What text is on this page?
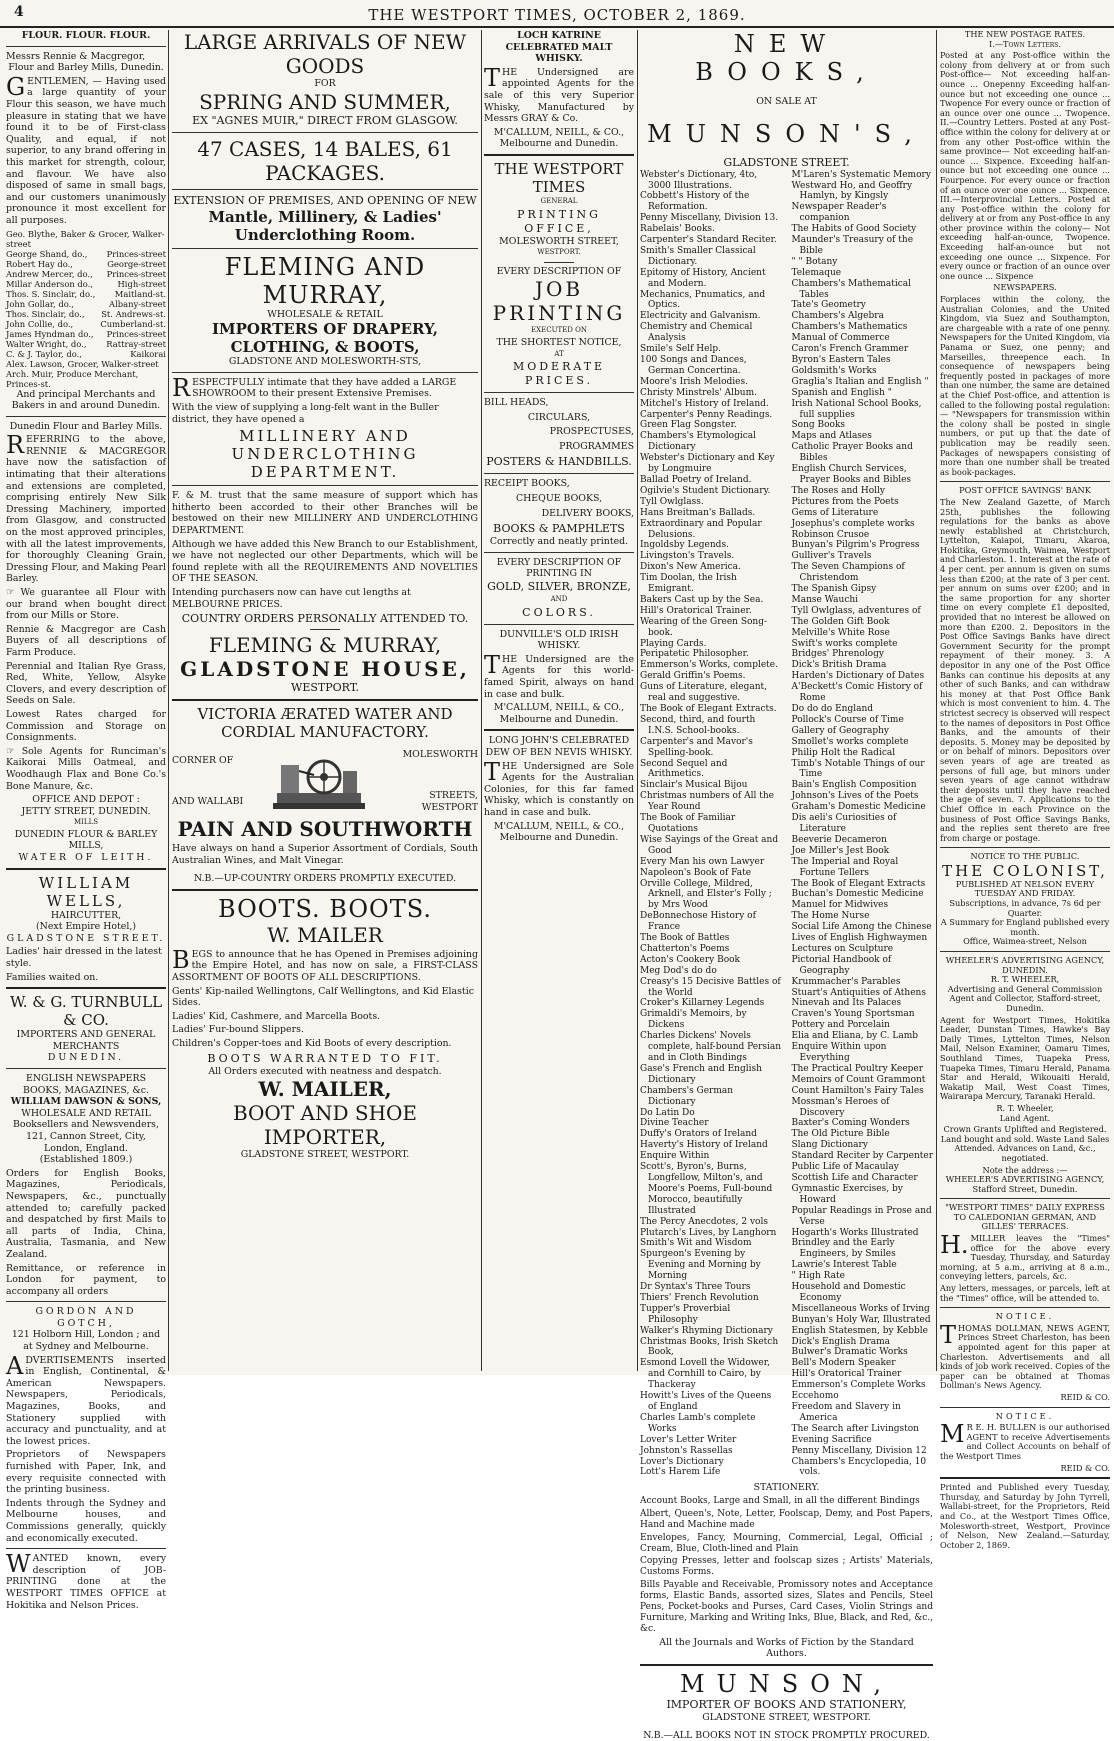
4	THE WESTPORT TIMES, OCTOBER 2, 1869.
FLOUR. FLOUR. FLOUR.
Messrs Rennie & Macgregor,
Flour and Barley Mills, Dunedin.

GENTLEMEN, — Having used a large quantity of your Flour this season, we have much pleasure in stating that we have found it to be of First-class Quality, and equal, if not superior, to any brand offering in this market for strength, colour, and flavour. We have also disposed of same in small bags, and our customers unanimously pronounce it most excellent for all purposes.

Geo. Blythe, Baker & Grocer, Walker-street
George Shand, do., Princes-street
Robert Hay do.,	George-street
Andrew Mercer, do., Princes-street
Millar Anderson do.,	High-street
Thos. S. Sinclair, do., Maitland-st.
John Gollar, do.,	Albany-street
Thos. Sinclair, do., St. Andrews-st.
John Collie, do.,	Cumberland-st.
James Hyndman do., Princes-street
Walter Wright, do., Rattray-street
C. & J. Taylor, do.,	Kaikorai
Alex. Lawson, Grocer, Walker-street
Arch. Muir, Produce Merchant, Princes-st.
And principal Merchants and Bakers in and around Dunedin.
Dunedin Flour and Barley Mills.

REFERRING to the above, RENNIE & MACGREGOR have now the satisfaction of intimating that their alterations and extensions are completed, comprising entirely New Silk Dressing Machinery, imported from Glasgow, and constructed on the most approved principles, with all the latest improvements, for thoroughly Cleaning Grain, Dressing Flour, and Making Pearl Barley.

☞ We guarantee all Flour with our brand when bought direct from our Mills or Store.

Rennie & Macgregor are Cash Buyers of all descriptions of Farm Produce.

Perennial and Italian Rye Grass, Red, White, Yellow, Alsyke Clovers, and every description of Seeds on Sale.

Lowest Rates charged for Commission and Storage on Consignments.

☞ Sole Agents for Runciman's Kaikorai Mills Oatmeal, and Woodhaugh Flax and Bone Co.'s Bone Manure, &c.

OFFICE AND DEPOT :
JETTY STREET, DUNEDIN.
MILLS
DUNEDIN FLOUR & BARLEY MILLS,
WATER OF LEITH.
WILLIAM WELLS,
HAIRCUTTER,
(Next Empire Hotel,)
GLADSTONE STREET.

Ladies' hair dressed in the latest style.

Families waited on.

W. & G. TURNBULL & CO.
IMPORTERS AND GENERAL MERCHANTS
DUNEDIN.
ENGLISH NEWSPAPERS BOOKS, MAGAZINES, &c.
WILLIAM DAWSON & SONS,
WHOLESALE AND RETAIL Booksellers and Newsvenders, 121, Cannon Street, City, London, England.
(Established 1809.)

Orders for English Books, Magazines, Periodicals, Newspapers, &c., punctually attended to; carefully packed and despatched by first Mails to all parts of India, China, Australia, Tasmania, and New Zealand.

Remittance, or reference in London for payment, to accompany all orders

GORDON AND GOTCH,
121 Holborn Hill, London ; and at Sydney and Melbourne.

ADVERTISEMENTS inserted in English, Continental, & American Newspapers. Newspapers, Periodicals, Magazines, Books, and Stationery supplied with accuracy and punctuality, and at the lowest prices.

Proprietors of Newspapers furnished with Paper, Ink, and every requisite connected with the printing business.

Indents through the Sydney and Melbourne houses, and Commissions generally, quickly and economically executed.

WANTED known, every description of JOB-PRINTING done at the WESTPORT TIMES OFFICE at Hokitika and Nelson Prices.

LARGE ARRIVALS OF NEW GOODS
FOR
SPRING AND SUMMER,
EX "AGNES MUIR," DIRECT FROM GLASGOW.
47 CASES, 14 BALES, 61 PACKAGES.
EXTENSION OF PREMISES, AND OPENING OF NEW
Mantle, Millinery, & Ladies' Underclothing Room.
FLEMING AND MURRAY,
WHOLESALE & RETAIL
IMPORTERS OF DRAPERY, CLOTHING, & BOOTS,
GLADSTONE AND MOLESWORTH-STS,

RESPECTFULLY intimate that they have added a LARGE SHOWROOM to their present Extensive Premises.

With the view of supplying a long-felt want in the Buller district, they have opened a

MILLINERY AND UNDERCLOTHING DEPARTMENT.

F. & M. trust that the same measure of support which has hitherto been accorded to their other Branches will be bestowed on their new MILLINERY AND UNDERCLOTHING DEPARTMENT.

Although we have added this New Branch to our Establishment, we have not neglected our other Departments, which will be found replete with all the REQUIREMENTS AND NOVELTIES OF THE SEASON.

Intending purchasers now can have cut lengths at MELBOURNE PRICES.

COUNTRY ORDERS PERSONALLY ATTENDED TO.
FLEMING & MURRAY,
GLADSTONE HOUSE,
WESTPORT.
VICTORIA ÆRATED WATER AND CORDIAL MANUFACTORY.
CORNER OF
AND WALLABI
MOLESWORTH
STREETS, WESTPORT
PAIN AND SOUTHWORTH

Have always on hand a Superior Assortment of Cordials, South Australian Wines, and Malt Vinegar.

N.B.—UP-COUNTRY ORDERS PROMPTLY EXECUTED.
BOOTS. BOOTS.
W. MAILER

BEGS to announce that he has Opened in Premises adjoining the Empire Hotel, and has now on sale, a FIRST-CLASS ASSORTMENT OF BOOTS OF ALL DESCRIPTIONS.

Gents' Kip-nailed Wellingtons, Calf Wellingtons, and Kid Elastic Sides.

Ladies' Kid, Cashmere, and Marcella Boots.

Ladies' Fur-bound Slippers.

Children's Copper-toes and Kid Boots of every description.

BOOTS WARRANTED TO FIT.
All Orders executed with neatness and despatch.
W. MAILER,
BOOT AND SHOE IMPORTER,
GLADSTONE STREET, WESTPORT.
LOCH KATRINE CELEBRATED MALT WHISKY.

THE Undersigned are appointed Agents for the sale of this very Superior Whisky, Manufactured by Messrs GRAY & Co.

M'CALLUM, NEILL, & CO.,
Melbourne and Dunedin.
THE WESTPORT TIMES
GENERAL
PRINTING OFFICE,
MOLESWORTH STREET,
WESTPORT.
EVERY DESCRIPTION OF
JOB PRINTING
EXECUTED ON
THE SHORTEST NOTICE,
AT
MODERATE PRICES.
BILL HEADS,
CIRCULARS,
PROSPECTUSES,
PROGRAMMES
POSTERS & HANDBILLS.
RECEIPT BOOKS,
CHEQUE BOOKS,
DELIVERY BOOKS,
BOOKS & PAMPHLETS
Correctly and neatly printed.
EVERY DESCRIPTION OF
PRINTING IN
GOLD, SILVER, BRONZE,
AND
COLORS.
DUNVILLE'S OLD IRISH WHISKY.

THE Undersigned are the Agents for this world-famed Spirit, always on hand in case and bulk.

M'CALLUM, NEILL, & CO.,
Melbourne and Dunedin.
LONG JOHN'S CELEBRATED DEW OF BEN NEVIS WHISKY.

THE Undersigned are Sole Agents for the Australian Colonies, for this far famed Whisky, which is constantly on hand in case and bulk.

M'CALLUM, NEILL, & CO.,
Melbourne and Dunedin.
NEW BOOKS,
ON SALE AT
MUNSON'S,
GLADSTONE STREET.
Webster's Dictionary, 4to, 3000 Illustrations.
Cobbett's History of the Reformation.
Penny Miscellany, Division 13.
Rabelais' Books.
Carpenter's Standard Reciter.
Smith's Smaller Classical Dictionary.
Epitomy of History, Ancient and Modern.
Mechanics, Pnumatics, and Optics.
Electricity and Galvanism.
Chemistry and Chemical Analysis
Smile's Self Help.
100 Songs and Dances, German Concertina.
Moore's Irish Melodies.
Christy Minstrels' Album.
Mitchel's History of Ireland.
Carpenter's Penny Readings.
Green Flag Songster.
Chambers's Etymological Dictionary
Webster's Dictionary and Key by Longmuire
Ballad Poetry of Ireland.
Ogilvie's Student Dictionary.
Tyll Owlglass.
Hans Breitman's Ballads.
Extraordinary and Popular Delusions.
Ingoldsby Legends.
Livingston's Travels.
Dixon's New America.
Tim Doolan, the Irish Emigrant.
Bakers Cast up by the Sea.
Hill's Oratorical Trainer.
Wearing of the Green Song-book.
Playing Cards.
Peripatetic Philosopher.
Emmerson's Works, complete.
Gerald Griffin's Poems.
Guns of Literature, elegant, real and suggestive.
The Book of Elegant Extracts.
Second, third, and fourth I.N.S. School-books.
Carpenter's and Mavor's Spelling-book.
Second Sequel and Arithmetics.
Sinclair's Musical Bijou
Christmas numbers of All the Year Round
The Book of Familiar Quotations
Wise Sayings of the Great and Good
Every Man his own Lawyer
Napoleon's Book of Fate
Orville College, Mildred, Arknell, and Elster's Folly ; by Mrs Wood
DeBonnechose History of France
The Book of Battles
Chatterton's Poems
Acton's Cookery Book
Meg Dod's do do
Creasy's 15 Decisive Battles of the World
Croker's Killarney Legends
Grimaldi's Memoirs, by Dickens
Charles Dickens' Novels complete, half-bound Persian and in Cloth Bindings
Gase's French and English Dictionary
Chambers's German Dictionary
Do Latin Do
Divine Teacher
Duffy's Orators of Ireland
Haverty's History of Ireland
Enquire Within
Scott's, Byron's, Burns, Longfellow, Milton's, and Moore's Poems, Full-bound Morocco, beautifully Illustrated
The Percy Anecdotes, 2 vols
Plutarch's Lives, by Langhorn
Smith's Wit and Wisdom
Spurgeon's Evening by Evening and Morning by Morning
Dr Syntax's Three Tours
Thiers' French Revolution
Tupper's Proverbial Philosophy
Walker's Rhyming Dictionary
Christmas Books, Irish Sketch Book,
Esmond Lovell the Widower, and Cornhill to Cairo, by Thackeray
Howitt's Lives of the Queens of England
Charles Lamb's complete Works
Lover's Letter Writer
Johnston's Rassellas
Lover's Dictionary
Lott's Harem Life
M'Laren's Systematic Memory
Westward Ho, and Geoffry Hamlyn, by Kingsly
Newspaper Reader's companion
The Habits of Good Society
Maunder's Treasury of the Bible
" " Botany
Telemaque
Chambers's Mathematical Tables
Tate's Geometry
Chambers's Algebra
Chambers's Mathematics
Manual of Commerce
Caron's French Grammer
Byron's Eastern Tales
Goldsmith's Works
Graglia's Italian and English "
Spanish and English "
Irish National School Books, full supplies
Song Books
Maps and Atlases
Catholic Prayer Books and Bibles
English Church Services, Prayer Books and Bibles
The Roses and Holly
Pictures from the Poets
Gems of Literature
Josephus's complete works
Robinson Crusoe
Bunyan's Pilgrim's Progress
Gulliver's Travels
The Seven Champions of Christendom
The Spanish Gipsy
Manse Wauchi
Tyll Owlglass, adventures of
The Golden Gift Book
Melville's White Rose
Swift's works complete
Bridges' Phrenology
Dick's British Drama
Harden's Dictionary of Dates
A'Beckett's Comic History of Rome
Do do do England
Pollock's Course of Time
Gallery of Geography
Smollet's works complete
Philip Holt the Radical
Timb's Notable Things of our Time
Bain's English Composition
Johnson's Lives of the Poets
Graham's Domestic Medicine
Dis aeli's Curiosities of Literature
Beeverie Decameron
Joe Miller's Jest Book
The Imperial and Royal Fortune Tellers
The Book of Elegant Extracts
Buchan's Domestic Medicine
Manuel for Midwives
The Home Nurse
Social Life Among the Chinese
Lives of English Highwaymen
Lectures on Sculpture
Pictorial Handbook of Geography
Krummacher's Parables
Stuart's Antiquities of Athens
Ninevah and Its Palaces
Craven's Young Sportsman
Pottery and Porcelain
Elia and Eliana, by C. Lamb
Enquire Within upon Everything
The Practical Poultry Keeper
Memoirs of Count Grammont
Count Hamilton's Fairy Tales
Mossman's Heroes of Discovery
Baxter's Coming Wonders
The Old Picture Bible
Slang Dictionary
Standard Reciter by Carpenter
Public Life of Macaulay
Scottish Life and Character
Gymnastic Exercises, by Howard
Popular Readings in Prose and Verse
Hogarth's Works Illustrated
Brindley and the Early Engineers, by Smiles
Lawrie's Interest Table
" High Rate
Household and Domestic Economy
Miscellaneous Works of Irving
Bunyan's Holy War, Illustrated
English Statesmen, by Kebble
Dick's English Drama
Bulwer's Dramatic Works
Bell's Modern Speaker
Hill's Oratorical Trainer
Emmerson's Complete Works
Eccehomo
Freedom and Slavery in America
The Search after Livingston
Evening Sacrifice
Penny Miscellany, Division 12
Chambers's Encyclopedia, 10 vols.
STATIONERY.

Account Books, Large and Small, in all the different Bindings

Albert, Queen's, Note, Letter, Foolscap, Demy, and Post Papers, Hand and Machine made

Envelopes, Fancy, Mourning, Commercial, Legal, Official ; Cream, Blue, Cloth-lined and Plain

Copying Presses, letter and foolscap sizes ; Artists' Materials, Customs Forms.

Bills Payable and Receivable, Promissory notes and Acceptance forms, Elastic Bands, assorted sizes, Slates and Pencils, Steel Pens, Pocket-books and Purses, Card Cases, Violin Strings and Furniture, Marking and Writing Inks, Blue, Black, and Red, &c., &c.

All the Journals and Works of Fiction by the Standard Authors.

MUNSON,
IMPORTER OF BOOKS AND STATIONERY,
GLADSTONE STREET, WESTPORT.
N.B.—ALL BOOKS NOT IN STOCK PROMPTLY PROCURED.
THE NEW POSTAGE RATES.
I.—Town Letters.

Posted at any Post-office within the colony from delivery at or from such Post-office— Not exceeding half-an-ounce ... Onepenny Exceeding half-an-ounce but not exceeding one ounce ... Twopence For every ounce or fraction of an ounce over one ounce ... Twopence. II.—Country Letters. Posted at any Post-office within the colony for delivery at or from any other Post-office within the same province— Not exceeding half-an-ounce ... Sixpence. Exceeding half-an-ounce but not exceeding one ounce ... Fourpence. For every ounce or fraction of an ounce over one ounce ... Sixpence. III.—Interprovincial Letters. Posted at any Post-office within the colony for delivery at or from any Post-office in any other province within the colony— Not exceeding half-an-ounce, Twopence. Exceeding half-an-ounce but not exceeding one ounce ... Sixpence. For every ounce or fraction of an ounce over one ounce ... Sixpence

NEWSPAPERS.

Forplaces within the colony, the Australian Colonies, and the United Kingdom, via Suez and Southampton, are chargeable with a rate of one penny. Newspapers for the United Kingdom, via Panama or Suez, one penny; and Marseilles, threepence each. In consequence of newspapers being frequently posted in packages of more than one number, the same are detained at the Chief Post-office, and attention is called to the following postal regulation:— "Newspapers for transmission within the colony shall be posted in single numbers, or put up that the date of publication may be readily seen. Packages of newspapers consisting of more than one number shall be treated as book-packages.

POST OFFICE SAVINGS' BANK

The New Zealand Gazette, of March 25th, publishes the following regulations for the banks as above newly established at Christchurch, Lyttelton, Kaiapoi, Timaru, Akaroa, Hokitika, Greymouth, Waimea, Westport and Charleston. 1. Interest at the rate of 4 per cent. per annum is given on sums less than £200; at the rate of 3 per cent. per annum on sums over £200; and in the same proportion for any shorter time on every complete £1 deposited, provided that no interest be allowed on more than £200. 2. Depositors in the Post Office Savings Banks have direct Government Security for the prompt repayment of their money. 3. A depositor in any one of the Post Office Banks can continue his deposits at any other of such Banks, and can withdraw his money at that Post Office Bank which is most convenient to him. 4. The strictest secrecy is observed will respect to the names of depositors in Post Office Banks, and the amounts of their deposits. 5. Money may be deposited by or on behalf of minors. Depositors over seven years of age are treated as persons of full age, but minors under seven years of age cannot withdraw their deposits until they have reached the age of seven. 7. Applications to the Chief Office in each Province on the business of Post Office Savings Banks, and the replies sent thereto are free from charge or postage.

NOTICE TO THE PUBLIC.
THE COLONIST,
PUBLISHED AT NELSON EVERY TUESDAY AND FRIDAY.
Subscriptions, in advance, 7s 6d per Quarter.
A Summary for England published every month.
Office, Waimea-street, Nelson
WHEELER'S ADVERTISING AGENCY, DUNEDIN.
R. T. WHEELER,
Advertising and General Commission Agent and Collector, Stafford-street, Dunedin.

Agent for Westport Times, Hokitika Leader, Dunstan Times, Hawke's Bay Daily Times, Lyttelton Times, Nelson Mail, Nelson Examiner, Oamaru Times, Southland Times, Tuapeka Press, Tuapeka Times, Timaru Herald, Panama Star and Herald, Wikouaiti Herald, Wakatip Mail, West Coast Times, Wairarapa Mercury, Taranaki Herald.

R. T. Wheeler,
Land Agent.

Crown Grants Uplifted and Registered. Land bought and sold. Waste Land Sales Attended. Advances on Land, &c., negotiated.

Note the address :—
WHEELER'S ADVERTISING AGENCY,
Stafford Street, Dunedin.
"WESTPORT TIMES" DAILY EXPRESS TO CALEDONIAN GERMAN, AND GILLES' TERRACES.

H.MILLER leaves the "Times" office for the above every Tuesday, Thursday, and Saturday morning, at 5 a.m., arriving at 8 a.m., conveying letters, parcels, &c.

Any letters, messages, or parcels, left at the "Times" office, will be attended to.

NOTICE.

THOMAS DOLLMAN, NEWS AGENT, Princes Street Charleston, has been appointed agent for this paper at Charleston. Advertisements and all kinds of job work received. Copies of the paper can be obtained at Thomas Dollman's News Agency.

REID & CO.
NOTICE.

MR E. H. BULLEN is our authorised AGENT to receive Advertisements and Collect Accounts on behalf of the Westport Times

REID & CO.

Printed and Published every Tuesday, Thursday, and Saturday by John Tyrrell, Wallabi-street, for the Proprietors, Reid and Co., at the Westport Times Office, Molesworth-street, Westport, Province of Nelson, New Zealand.—Saturday, October 2, 1869.
